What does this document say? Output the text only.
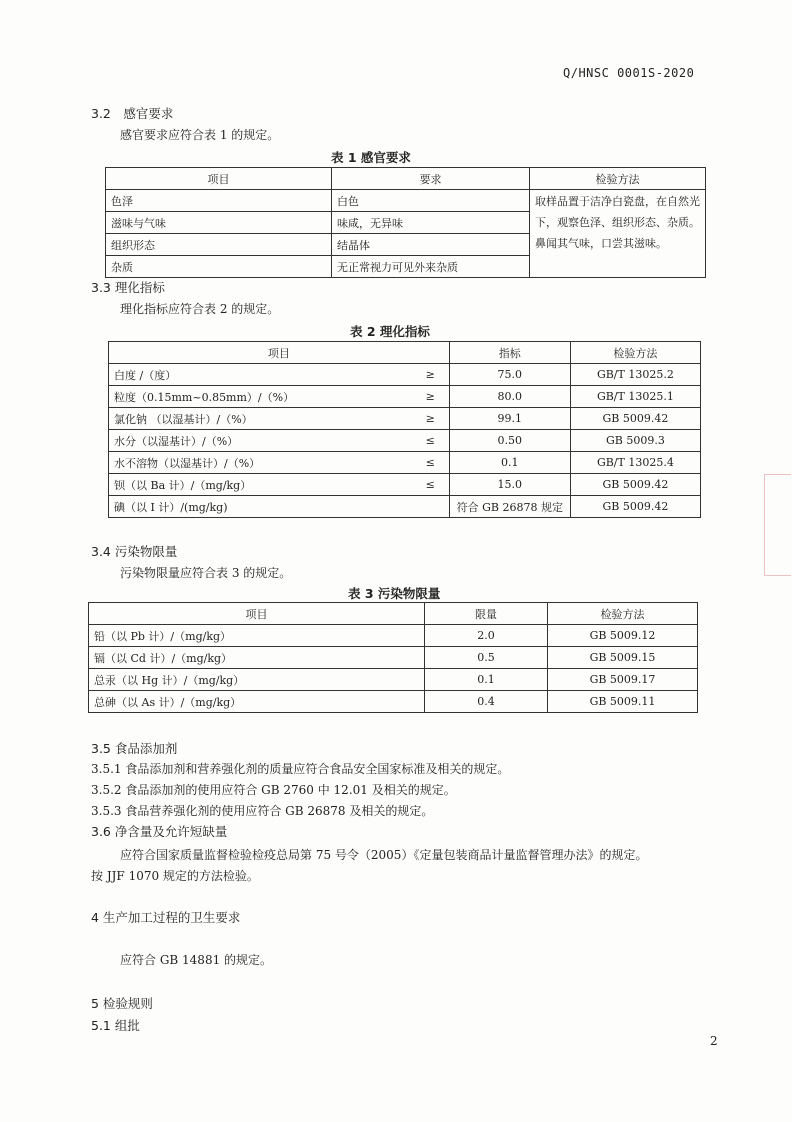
Q/HNSC 0001S-2020
3.2　感官要求
感官要求应符合表 1 的规定。
表 1 感官要求
项目	要求	检验方法
色泽	白色	取样品置于洁净白瓷盘，在自然光下，观察色泽、组织形态、杂质。鼻闻其气味，口尝其滋味。
滋味与气味	味咸，无异味	
组织形态	结晶体	
杂质	无正常视力可见外来杂质	
3.3 理化指标
理化指标应符合表 2 的规定。
表 2 理化指标
项目		指标	检验方法
白度 /（度）	≥	75.0	GB/T 13025.2
粒度（0.15mm~0.85mm）/（%）	≥	80.0	GB/T 13025.1
氯化钠 （以湿基计）/（%）	≥	99.1	GB 5009.42
水分（以湿基计）/（%）	≤	0.50	GB 5009.3
水不溶物（以湿基计）/（%）	≤	0.1	GB/T 13025.4
钡（以 Ba 计）/（mg/kg）	≤	15.0	GB 5009.42
碘（以 I 计）/(mg/kg)		符合 GB 26878 规定	GB 5009.42
3.4 污染物限量
污染物限量应符合表 3 的规定。
表 3 污染物限量
项目	限量	检验方法
铅（以 Pb 计）/（mg/kg）	2.0	GB 5009.12
镉（以 Cd 计）/（mg/kg）	0.5	GB 5009.15
总汞（以 Hg 计）/（mg/kg）	0.1	GB 5009.17
总砷（以 As 计）/（mg/kg）	0.4	GB 5009.11
3.5 食品添加剂
3.5.1 食品添加剂和营养强化剂的质量应符合食品安全国家标准及相关的规定。
3.5.2 食品添加剂的使用应符合 GB 2760 中 12.01 及相关的规定。
3.5.3 食品营养强化剂的使用应符合 GB 26878 及相关的规定。
3.6 净含量及允许短缺量
应符合国家质量监督检验检疫总局第 75 号令（2005）《定量包装商品计量监督管理办法》的规定。
按 JJF 1070 规定的方法检验。
4 生产加工过程的卫生要求
应符合 GB 14881 的规定。
5 检验规则
5.1 组批
2
